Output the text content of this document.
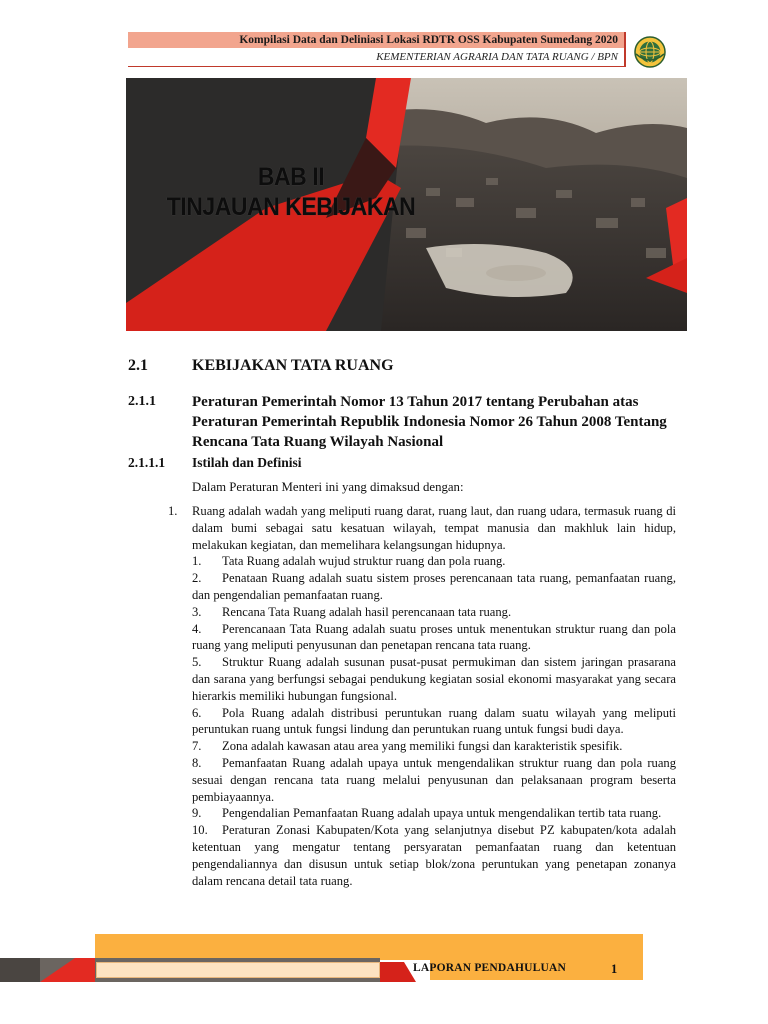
Kompilasi Data dan Deliniasi Lokasi RDTR OSS Kabupaten Sumedang 2020
KEMENTERIAN AGRARIA DAN TATA RUANG / BPN
BAB II
TINJAUAN KEBIJAKAN
2.1	KEBIJAKAN TATA RUANG
2.1.1 Peraturan Pemerintah Nomor 13 Tahun 2017 tentang Perubahan atas Peraturan Pemerintah Republik Indonesia Nomor 26 Tahun 2008 Tentang Rencana Tata Ruang Wilayah Nasional
2.1.1.1 Istilah dan Definisi
Dalam Peraturan Menteri ini yang dimaksud dengan:
1. Ruang adalah wadah yang meliputi ruang darat, ruang laut, dan ruang udara, termasuk ruang di dalam bumi sebagai satu kesatuan wilayah, tempat manusia dan makhluk lain hidup, melakukan kegiatan, dan memelihara kelangsungan hidupnya.
1. Tata Ruang adalah wujud struktur ruang dan pola ruang.
2. Penataan Ruang adalah suatu sistem proses perencanaan tata ruang, pemanfaatan ruang, dan pengendalian pemanfaatan ruang.
3. Rencana Tata Ruang adalah hasil perencanaan tata ruang.
4. Perencanaan Tata Ruang adalah suatu proses untuk menentukan struktur ruang dan pola ruang yang meliputi penyusunan dan penetapan rencana tata ruang.
5. Struktur Ruang adalah susunan pusat-pusat permukiman dan sistem jaringan prasarana dan sarana yang berfungsi sebagai pendukung kegiatan sosial ekonomi masyarakat yang secara hierarkis memiliki hubungan fungsional.
6. Pola Ruang adalah distribusi peruntukan ruang dalam suatu wilayah yang meliputi peruntukan ruang untuk fungsi lindung dan peruntukan ruang untuk fungsi budi daya.
7. Zona adalah kawasan atau area yang memiliki fungsi dan karakteristik spesifik.
8. Pemanfaatan Ruang adalah upaya untuk mengendalikan struktur ruang dan pola ruang sesuai dengan rencana tata ruang melalui penyusunan dan pelaksanaan program beserta pembiayaannya.
9. Pengendalian Pemanfaatan Ruang adalah upaya untuk mengendalikan tertib tata ruang.
10. Peraturan Zonasi Kabupaten/Kota yang selanjutnya disebut PZ kabupaten/kota adalah ketentuan yang mengatur tentang persyaratan pemanfaatan ruang dan ketentuan pengendaliannya dan disusun untuk setiap blok/zona peruntukan yang penetapan zonanya dalam rencana detail tata ruang.
LAPORAN PENDAHULUAN	1
